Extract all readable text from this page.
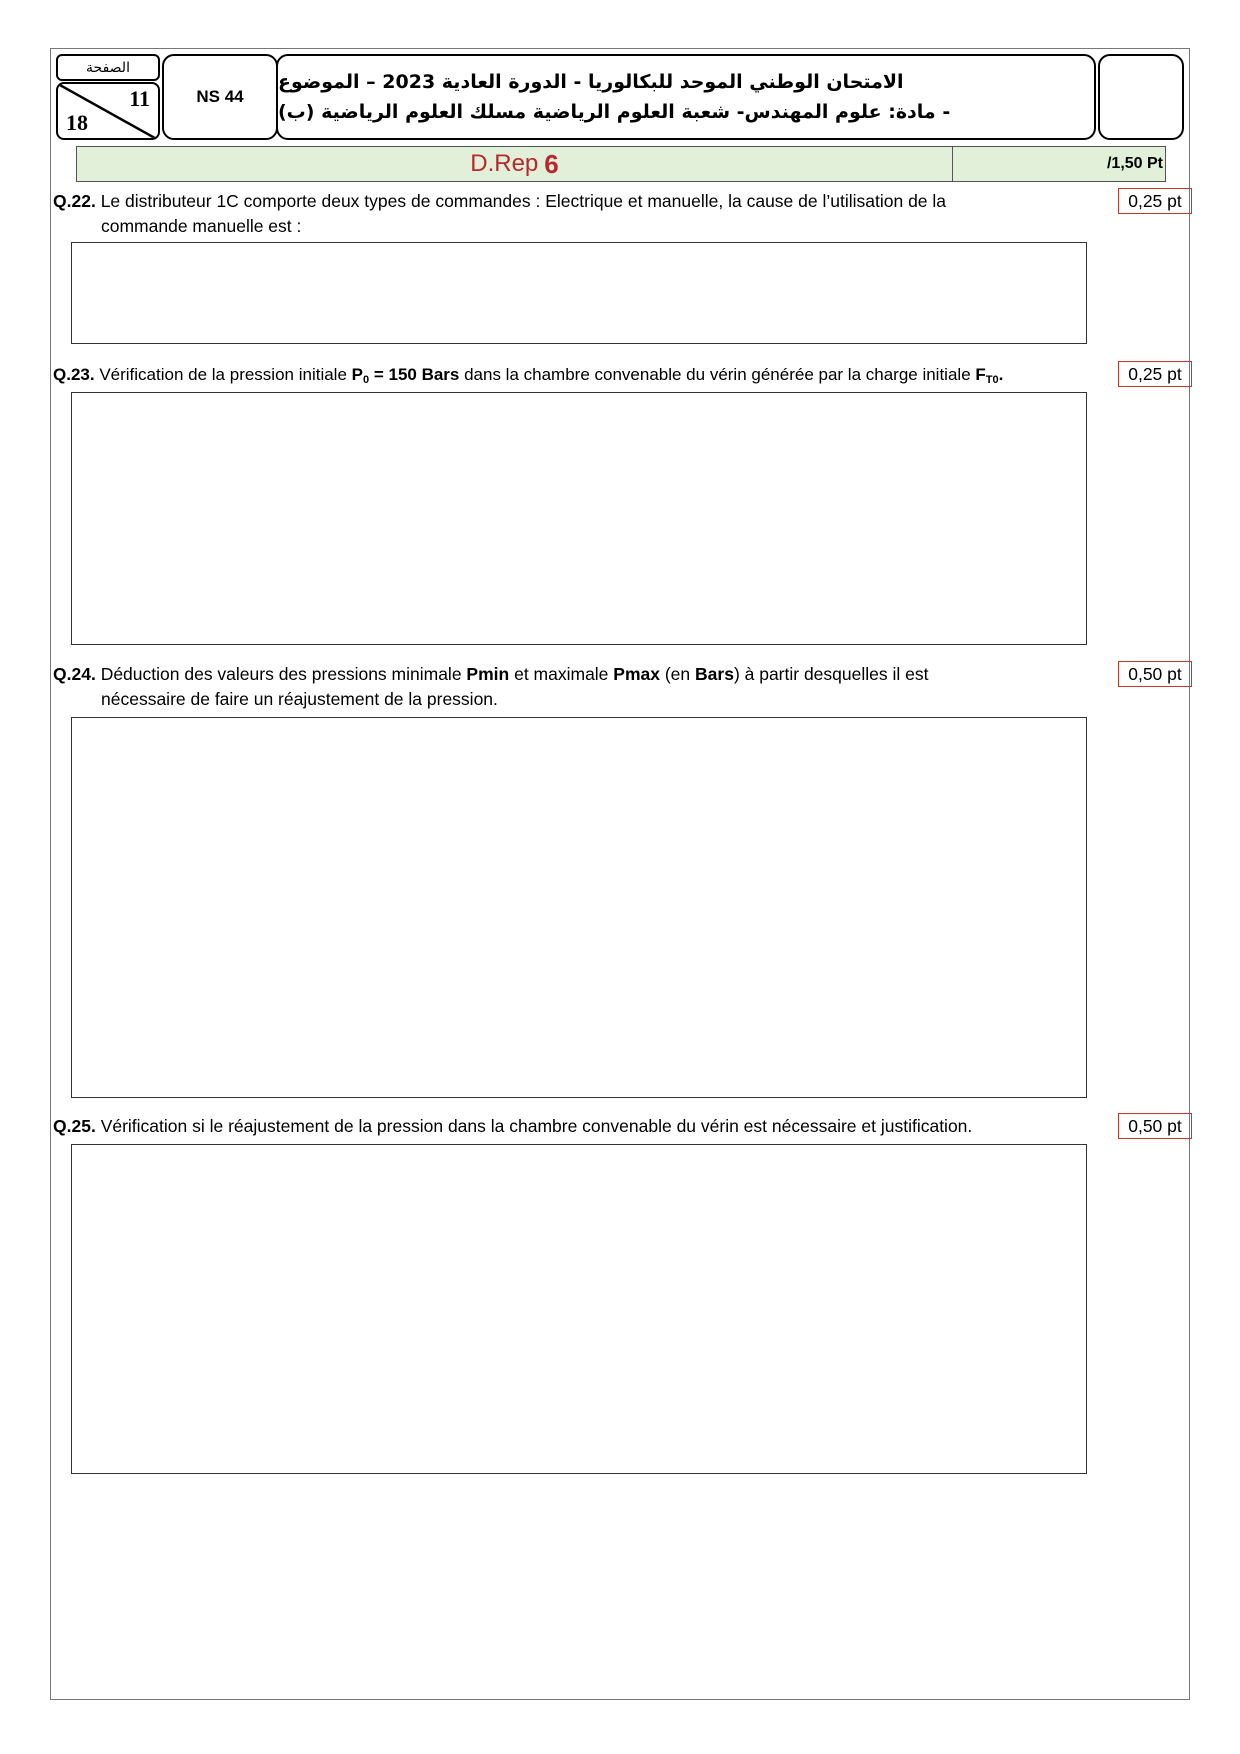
الصفحة
11
18
NS 44
الامتحان الوطني الموحد للبكالوريا - الدورة العادية 2023 – الموضوع
- مادة: علوم المهندس- شعبة العلوم الرياضية مسلك العلوم الرياضية (ب)
D.Rep 6	/1,50 Pt
Q.22. Le distributeur 1C comporte deux types de commandes : Electrique et manuelle, la cause de l’utilisation de la
commande manuelle est :
0,25 pt
Q.23. Vérification de la pression initiale $P_0 = 150$ Bars dans la chambre convenable du vérin générée par la charge initiale $F_{T0}$.	0,25 pt
Q.24. Déduction des valeurs des pressions minimale Pmin et maximale Pmax (en Bars) à partir desquelles il est
nécessaire de faire un réajustement de la pression.
0,50 pt
Q.25. Vérification si le réajustement de la pression dans la chambre convenable du vérin est nécessaire et justification.	0,50 pt
